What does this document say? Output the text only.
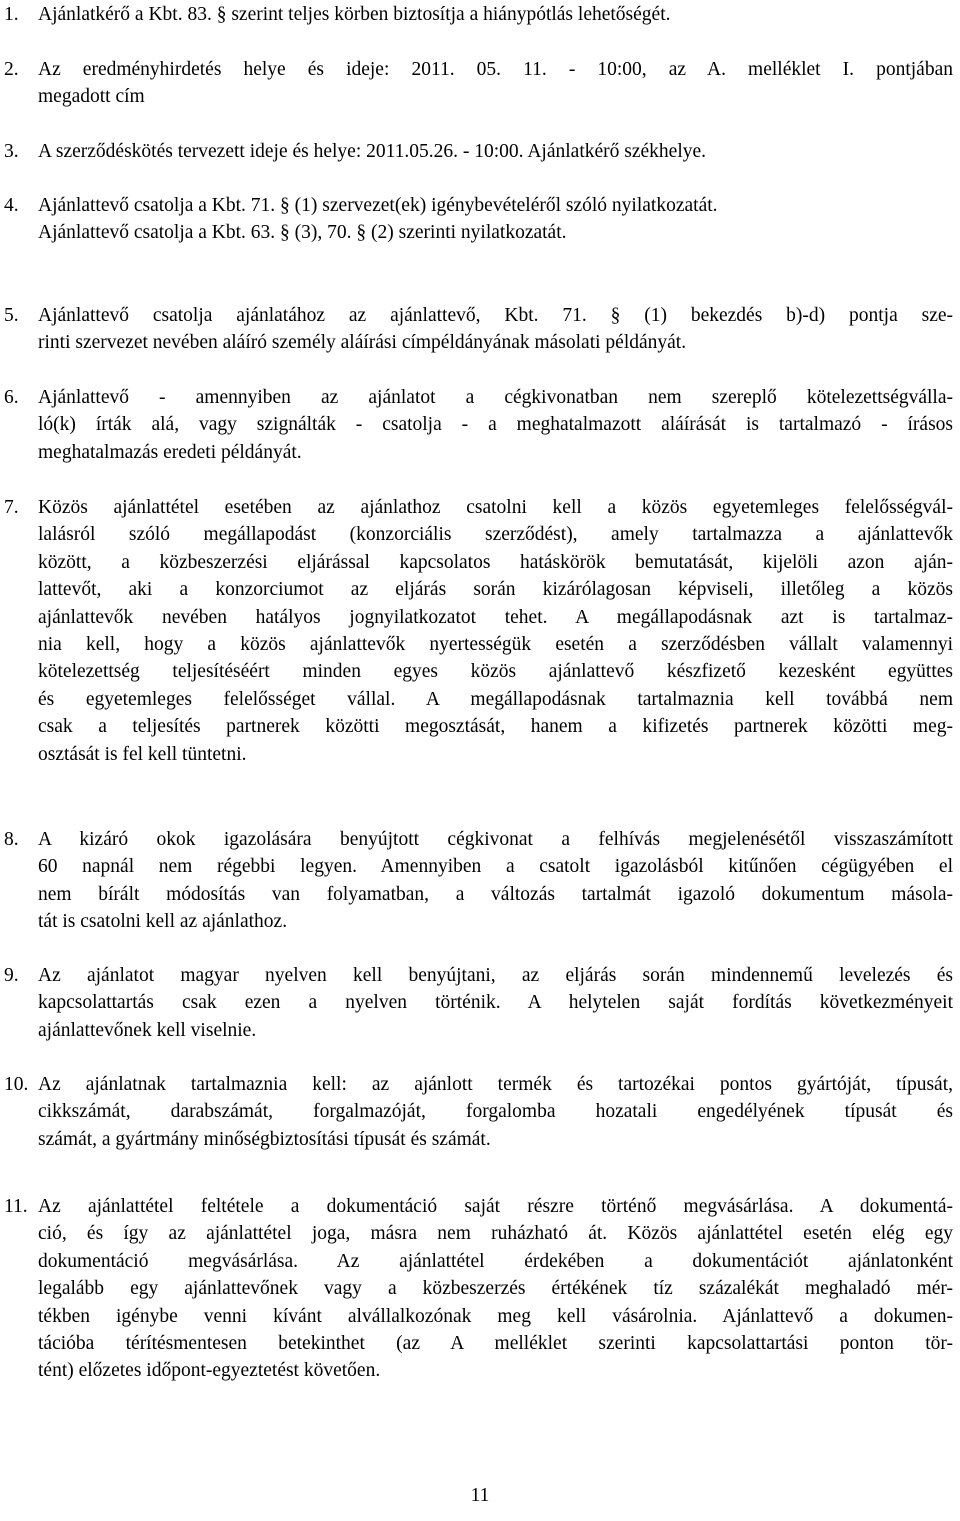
1. Ajánlatkérő a Kbt. 83. § szerint teljes körben biztosítja a hiánypótlás lehetőségét.
2. Az eredményhirdetés helye és ideje: 2011. 05. 11. - 10:00, az A. melléklet I. pontjában
megadott cím
3. A szerződéskötés tervezett ideje és helye: 2011.05.26. - 10:00. Ajánlatkérő székhelye.
4. Ajánlattevő csatolja a Kbt. 71. § (1) szervezet(ek) igénybevételéről szóló nyilatkozatát.
Ajánlattevő csatolja a Kbt. 63. § (3), 70. § (2) szerinti nyilatkozatát.
5. Ajánlattevő csatolja ajánlatához az ajánlattevő, Kbt. 71. § (1) bekezdés b)-d) pontja sze-
rinti szervezet nevében aláíró személy aláírási címpéldányának másolati példányát.
6. Ajánlattevő - amennyiben az ajánlatot a cégkivonatban nem szereplő kötelezettségválla-
ló(k) írták alá, vagy szignálták - csatolja - a meghatalmazott aláírását is tartalmazó - írásos
meghatalmazás eredeti példányát.
7. Közös ajánlattétel esetében az ajánlathoz csatolni kell a közös egyetemleges felelősségvál-
lalásról szóló megállapodást (konzorciális szerződést), amely tartalmazza a ajánlattevők
között, a közbeszerzési eljárással kapcsolatos hatáskörök bemutatását, kijelöli azon aján-
lattevőt, aki a konzorciumot az eljárás során kizárólagosan képviseli, illetőleg a közös
ajánlattevők nevében hatályos jognyilatkozatot tehet. A megállapodásnak azt is tartalmaz-
nia kell, hogy a közös ajánlattevők nyertességük esetén a szerződésben vállalt valamennyi
kötelezettség teljesítéséért minden egyes közös ajánlattevő készfizető kezesként együttes
és egyetemleges felelősséget vállal. A megállapodásnak tartalmaznia kell továbbá nem
csak a teljesítés partnerek közötti megosztását, hanem a kifizetés partnerek közötti meg-
osztását is fel kell tüntetni.
8. A kizáró okok igazolására benyújtott cégkivonat a felhívás megjelenésétől visszaszámított
60 napnál nem régebbi legyen. Amennyiben a csatolt igazolásból kitűnően cégügyében el
nem bírált módosítás van folyamatban, a változás tartalmát igazoló dokumentum másola-
tát is csatolni kell az ajánlathoz.
9. Az ajánlatot magyar nyelven kell benyújtani, az eljárás során mindennemű levelezés és
kapcsolattartás csak ezen a nyelven történik. A helytelen saját fordítás következményeit
ajánlattevőnek kell viselnie.
10. Az ajánlatnak tartalmaznia kell: az ajánlott termék és tartozékai pontos gyártóját, típusát,
cikkszámát, darabszámát, forgalmazóját, forgalomba hozatali engedélyének típusát és
számát, a gyártmány minőségbiztosítási típusát és számát.
11. Az ajánlattétel feltétele a dokumentáció saját részre történő megvásárlása. A dokumentá-
ció, és így az ajánlattétel joga, másra nem ruházható át. Közös ajánlattétel esetén elég egy
dokumentáció megvásárlása. Az ajánlattétel érdekében a dokumentációt ajánlatonként
legalább egy ajánlattevőnek vagy a közbeszerzés értékének tíz százalékát meghaladó mér-
tékben igénybe venni kívánt alvállalkozónak meg kell vásárolnia. Ajánlattevő a dokumen-
tációba térítésmentesen betekinthet (az A melléklet szerinti kapcsolattartási ponton tör-
tént) előzetes időpont-egyeztetést követően.
11
